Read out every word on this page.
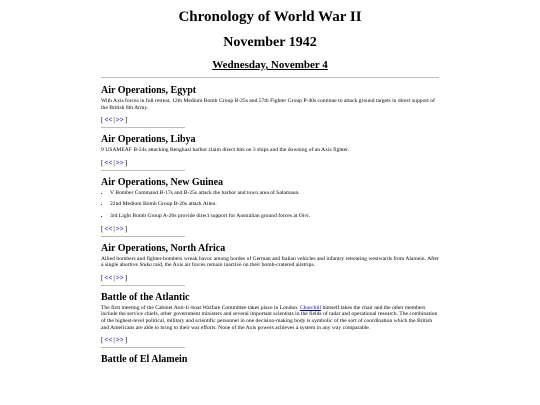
Chronology of World War II
November 1942
Wednesday, November 4
Air Operations, Egypt

With Axis forces in full retreat, 12th Medium Bomb Group B-25s and 57th Fighter Group P-40s continue to attack ground targets in direct support of the British 8th Army.

[ << | >> ]
Air Operations, Libya

9 USAMEAF B-24s attacking Benghazi harbor claim direct hits on 3 ships and the downing of an Axis fighter.

[ << | >> ]
Air Operations, New Guinea
• V Bomber Command B-17s and B-25s attack the harbor and town area of Salamaua.
• 22nd Medium Bomb Group B-26s attack Aileu.
• 3rd Light Bomb Group A-20s provide direct support for Australian ground forces at Oivi.
[ << | >> ]
Air Operations, North Africa

Allied bombers and fighter-bombers wreak havoc among hordes of German and Italian vehicles and infantry retreating westwards from Alamein. After a single abortive Stuka raid, the Axis air forces remain inactive on their bomb-cratered airstrips.

[ << | >> ]
Battle of the Atlantic

The first meeting of the Cabinet Anti-U-boat Warfare Committee takes place in London. Churchill himself takes the chair and the other members include the service chiefs, other government ministers and several important scientists in the fields of radar and operational research. The combination of the highest-level political, military and scientific personnel in one decision-making body is symbolic of the sort of coordination which the British and Americans are able to bring to their war efforts. None of the Axis powers achieves a system in any way comparable.

[ << | >> ]
Battle of El Alamein
